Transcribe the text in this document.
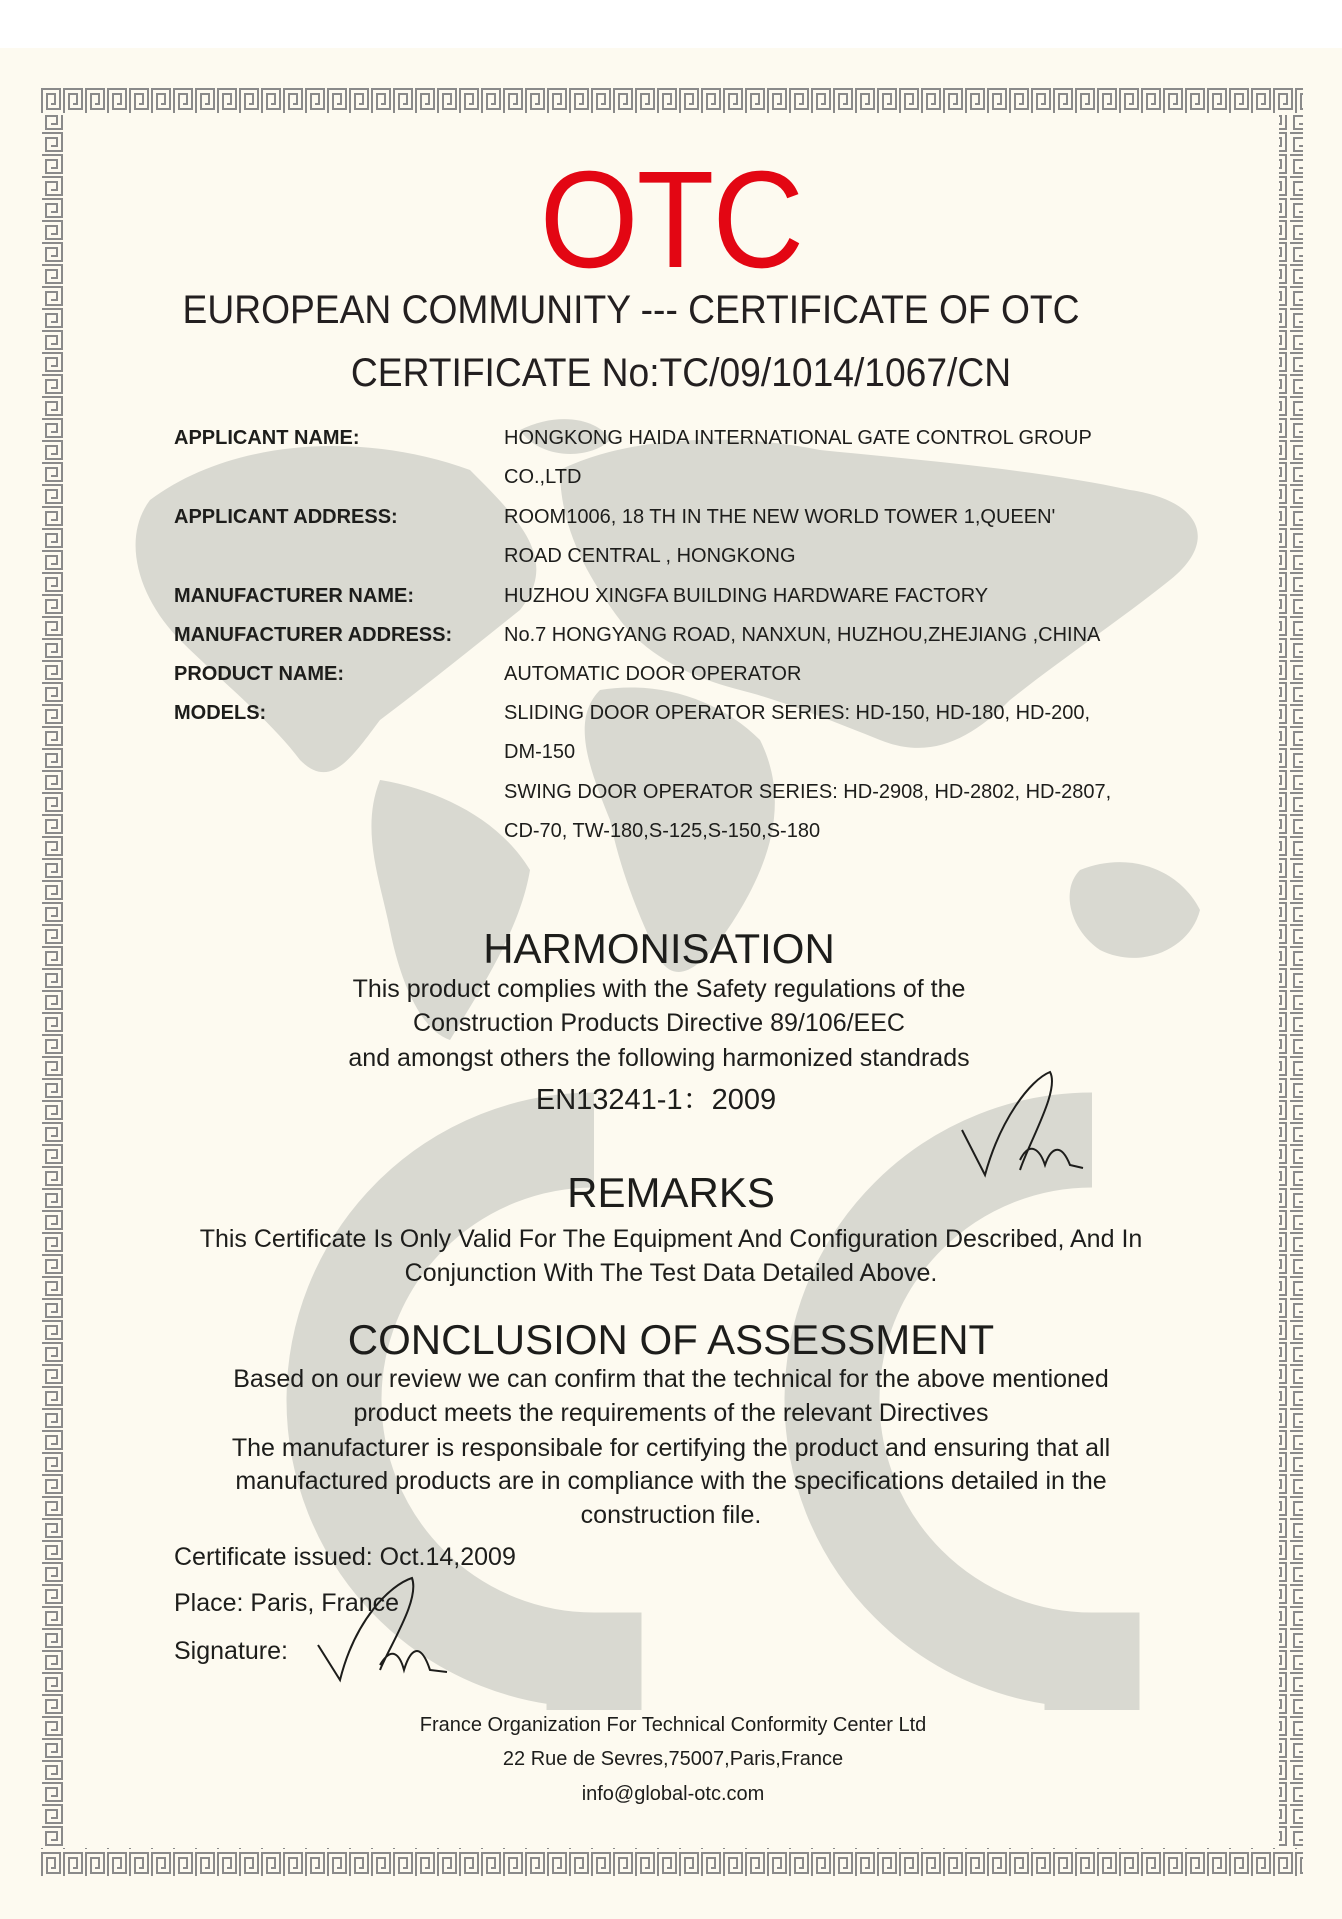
OTC
EUROPEAN COMMUNITY --- CERTIFICATE OF OTC
CERTIFICATE No:TC/09/1014/1067/CN
APPLICANT NAME:	HONGKONG HAIDA INTERNATIONAL GATE CONTROL GROUP
CO.,LTD
APPLICANT ADDRESS:	ROOM1006, 18 TH IN THE NEW WORLD TOWER 1,QUEEN'
ROAD CENTRAL , HONGKONG
MANUFACTURER NAME:	HUZHOU XINGFA BUILDING HARDWARE FACTORY
MANUFACTURER ADDRESS:	No.7 HONGYANG ROAD, NANXUN, HUZHOU,ZHEJIANG ,CHINA
PRODUCT NAME:	AUTOMATIC DOOR OPERATOR
MODELS:	SLIDING DOOR OPERATOR SERIES: HD-150, HD-180, HD-200,
DM-150
SWING DOOR OPERATOR SERIES: HD-2908, HD-2802, HD-2807,
CD-70, TW-180,S-125,S-150,S-180
HARMONISATION
This product complies with the Safety regulations of the
Construction Products Directive 89/106/EEC
and amongst others the following harmonized standrads
EN13241-1：2009
REMARKS
This Certificate Is Only Valid For The Equipment And Configuration Described, And In
Conjunction With The Test Data Detailed Above.
CONCLUSION OF ASSESSMENT
Based on our review we can confirm that the technical for the above mentioned
product meets the requirements of the relevant Directives
The manufacturer is responsibale for certifying the product and ensuring that all
manufactured products are in compliance with the specifications detailed in the
construction file.
Certificate issued: Oct.14,2009
Place: Paris, France
Signature:
France Organization For Technical Conformity Center Ltd
22 Rue de Sevres,75007,Paris,France
info@global-otc.com
